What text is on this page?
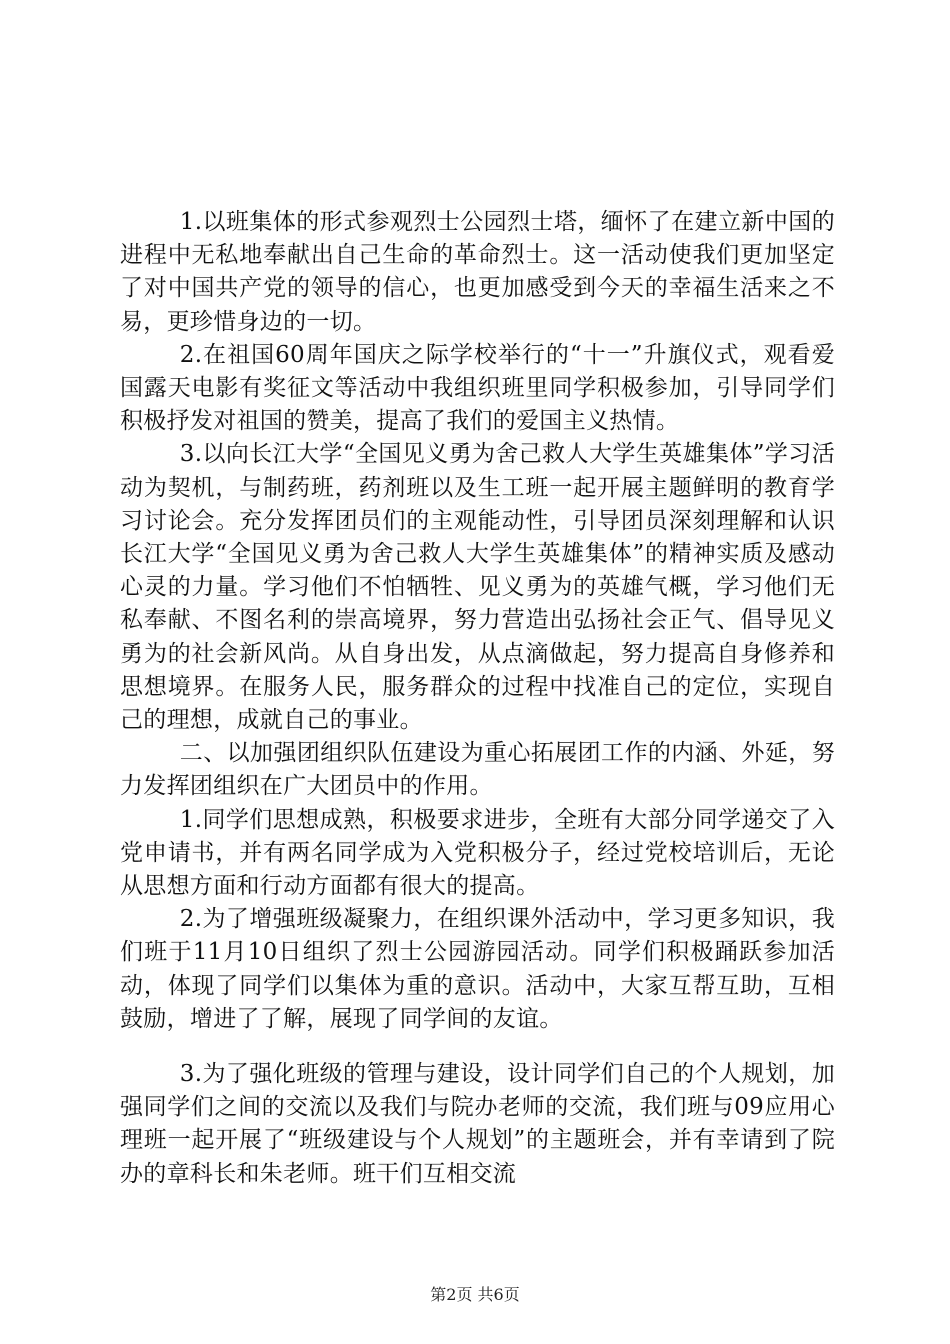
1.以班集体的形式参观烈士公园烈士塔，缅怀了在建立新中国的进程中无私地奉献出自己生命的革命烈士。这一活动使我们更加坚定了对中国共产党的领导的信心，也更加感受到今天的幸福生活来之不易，更珍惜身边的一切。

2.在祖国60周年国庆之际学校举行的“十一”升旗仪式，观看爱国露天电影有奖征文等活动中我组织班里同学积极参加，引导同学们积极抒发对祖国的赞美，提高了我们的爱国主义热情。

3.以向长江大学“全国见义勇为舍己救人大学生英雄集体”学习活动为契机，与制药班，药剂班以及生工班一起开展主题鲜明的教育学习讨论会。充分发挥团员们的主观能动性，引导团员深刻理解和认识长江大学“全国见义勇为舍己救人大学生英雄集体”的精神实质及感动心灵的力量。学习他们不怕牺牲、见义勇为的英雄气概，学习他们无私奉献、不图名利的崇高境界，努力营造出弘扬社会正气、倡导见义勇为的社会新风尚。从自身出发，从点滴做起，努力提高自身修养和思想境界。在服务人民，服务群众的过程中找准自己的定位，实现自己的理想，成就自己的事业。

二、以加强团组织队伍建设为重心拓展团工作的内涵、外延，努力发挥团组织在广大团员中的作用。

1.同学们思想成熟，积极要求进步，全班有大部分同学递交了入党申请书，并有两名同学成为入党积极分子，经过党校培训后，无论从思想方面和行动方面都有很大的提高。

2.为了增强班级凝聚力，在组织课外活动中，学习更多知识，我们班于11月10日组织了烈士公园游园活动。同学们积极踊跃参加活动，体现了同学们以集体为重的意识。活动中，大家互帮互助，互相鼓励，增进了了解，展现了同学间的友谊。

3.为了强化班级的管理与建设，设计同学们自己的个人规划，加强同学们之间的交流以及我们与院办老师的交流，我们班与09应用心理班一起开展了“班级建设与个人规划”的主题班会，并有幸请到了院办的章科长和朱老师。班干们互相交流

第2页 共6页
